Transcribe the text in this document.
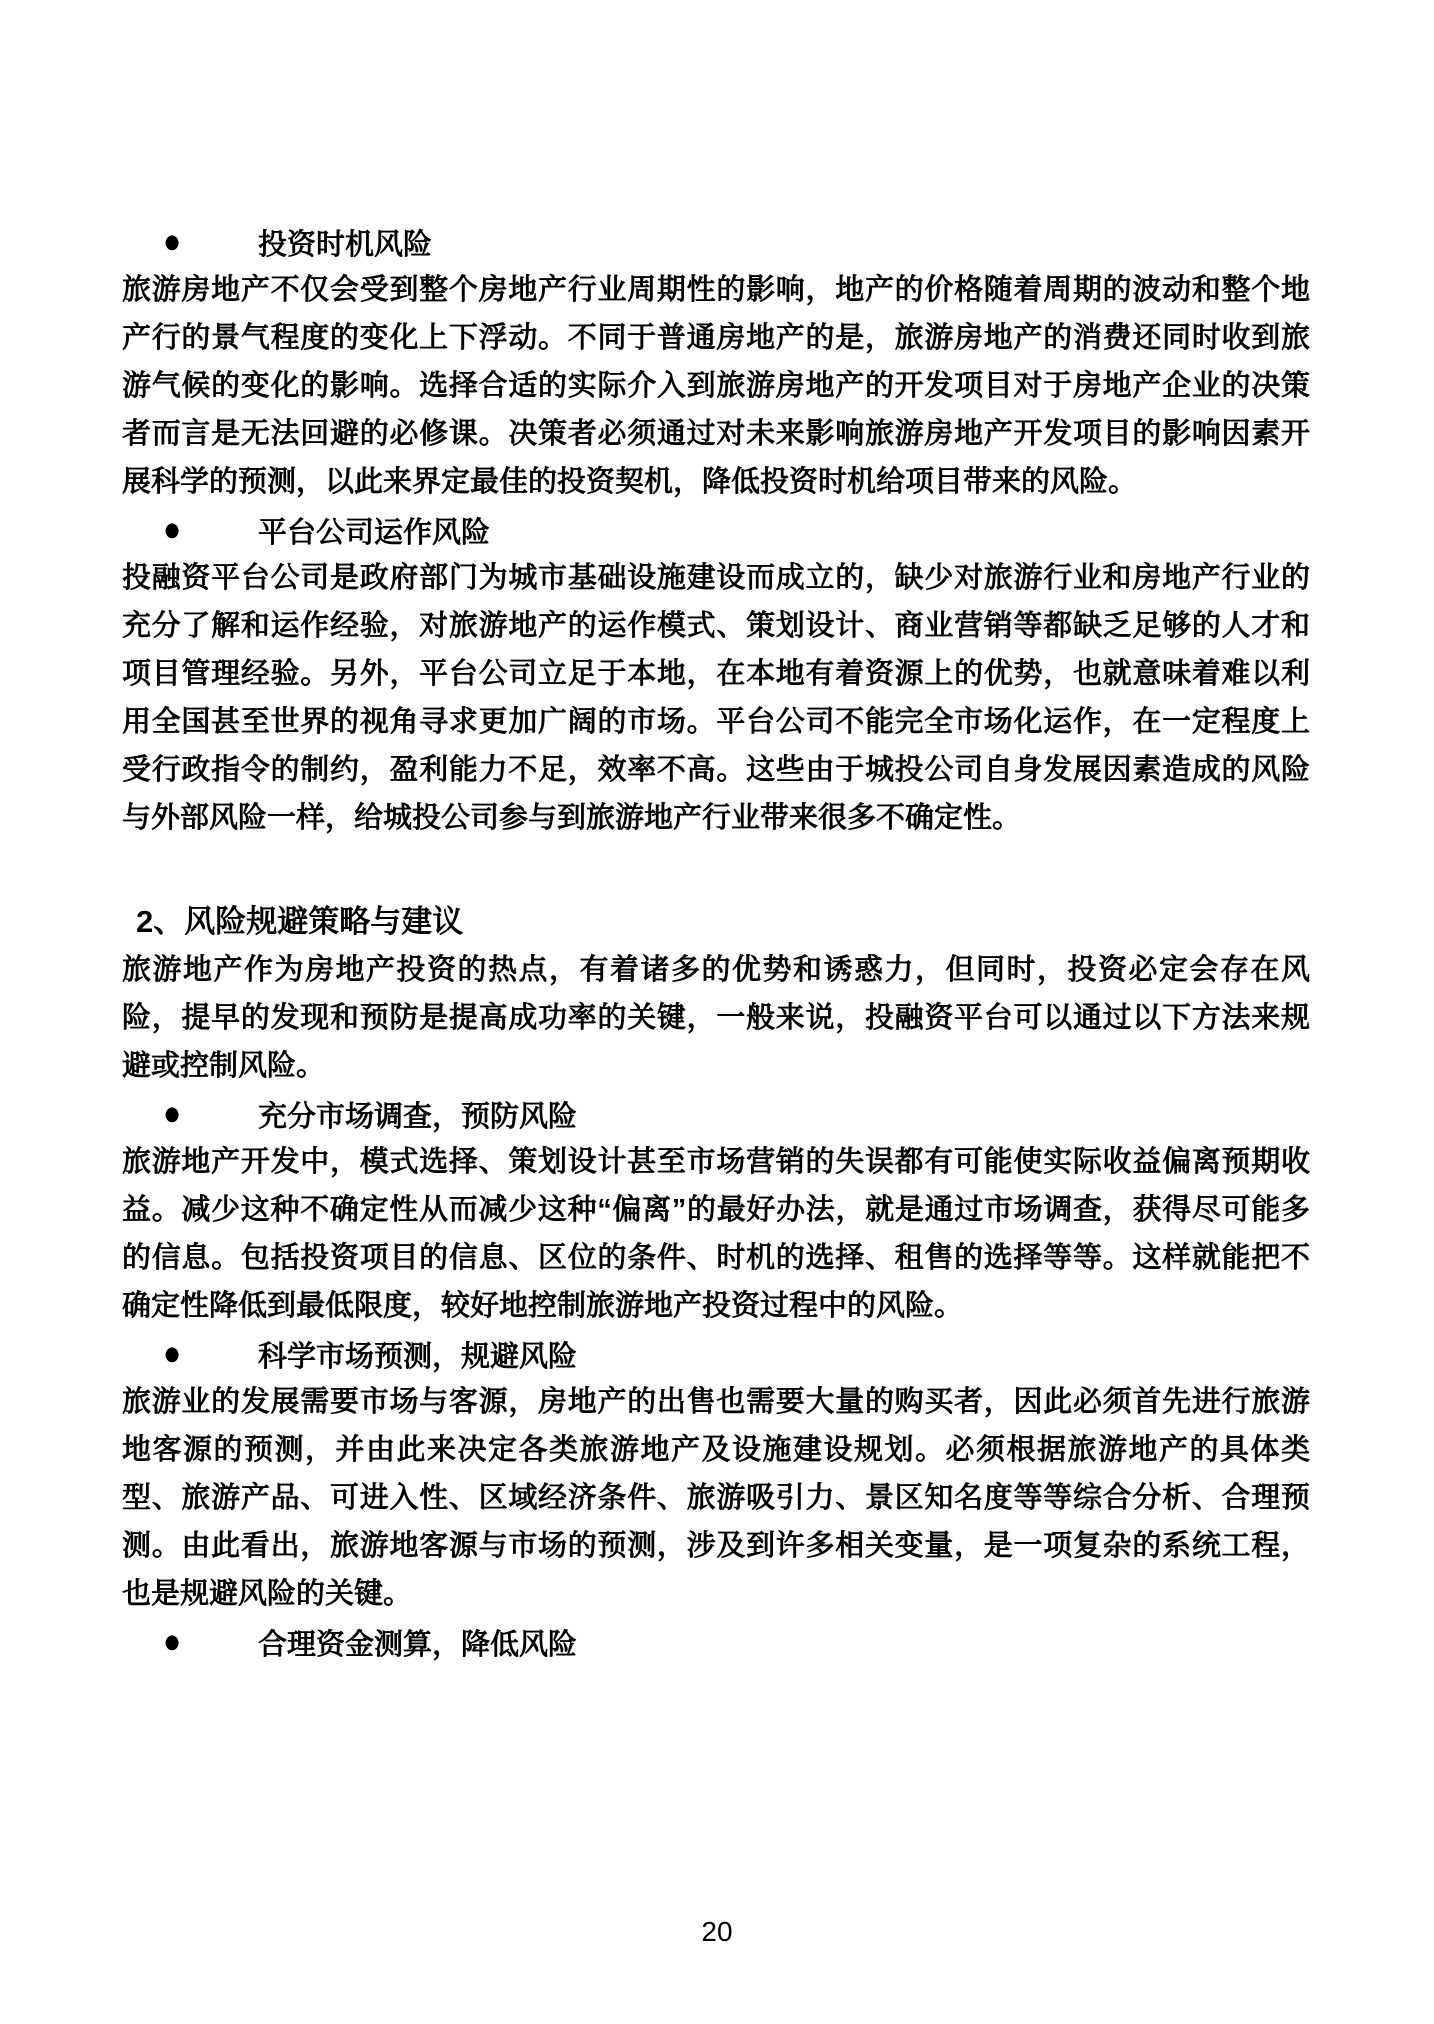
●	投资时机风险

旅游房地产不仅会受到整个房地产行业周期性的影响，地产的价格随着周期的波动和整个地产行的景气程度的变化上下浮动。不同于普通房地产的是，旅游房地产的消费还同时收到旅游气候的变化的影响。选择合适的实际介入到旅游房地产的开发项目对于房地产企业的决策者而言是无法回避的必修课。决策者必须通过对未来影响旅游房地产开发项目的影响因素开展科学的预测，以此来界定最佳的投资契机，降低投资时机给项目带来的风险。

●	平台公司运作风险

投融资平台公司是政府部门为城市基础设施建设而成立的，缺少对旅游行业和房地产行业的充分了解和运作经验，对旅游地产的运作模式、策划设计、商业营销等都缺乏足够的人才和项目管理经验。另外，平台公司立足于本地，在本地有着资源上的优势，也就意味着难以利用全国甚至世界的视角寻求更加广阔的市场。平台公司不能完全市场化运作，在一定程度上受行政指令的制约，盈利能力不足，效率不高。这些由于城投公司自身发展因素造成的风险与外部风险一样，给城投公司参与到旅游地产行业带来很多不确定性。

2、风险规避策略与建议

旅游地产作为房地产投资的热点，有着诸多的优势和诱惑力，但同时，投资必定会存在风险，提早的发现和预防是提高成功率的关键，一般来说，投融资平台可以通过以下方法来规避或控制风险。

●	充分市场调查，预防风险

旅游地产开发中，模式选择、策划设计甚至市场营销的失误都有可能使实际收益偏离预期收益。减少这种不确定性从而减少这种“偏离”的最好办法，就是通过市场调查，获得尽可能多的信息。包括投资项目的信息、区位的条件、时机的选择、租售的选择等等。这样就能把不确定性降低到最低限度，较好地控制旅游地产投资过程中的风险。

●	科学市场预测，规避风险

旅游业的发展需要市场与客源，房地产的出售也需要大量的购买者，因此必须首先进行旅游地客源的预测，并由此来决定各类旅游地产及设施建设规划。必须根据旅游地产的具体类型、旅游产品、可进入性、区域经济条件、旅游吸引力、景区知名度等等综合分析、合理预测。由此看出，旅游地客源与市场的预测，涉及到许多相关变量，是一项复杂的系统工程，也是规避风险的关键。

●	合理资金测算，降低风险
20
